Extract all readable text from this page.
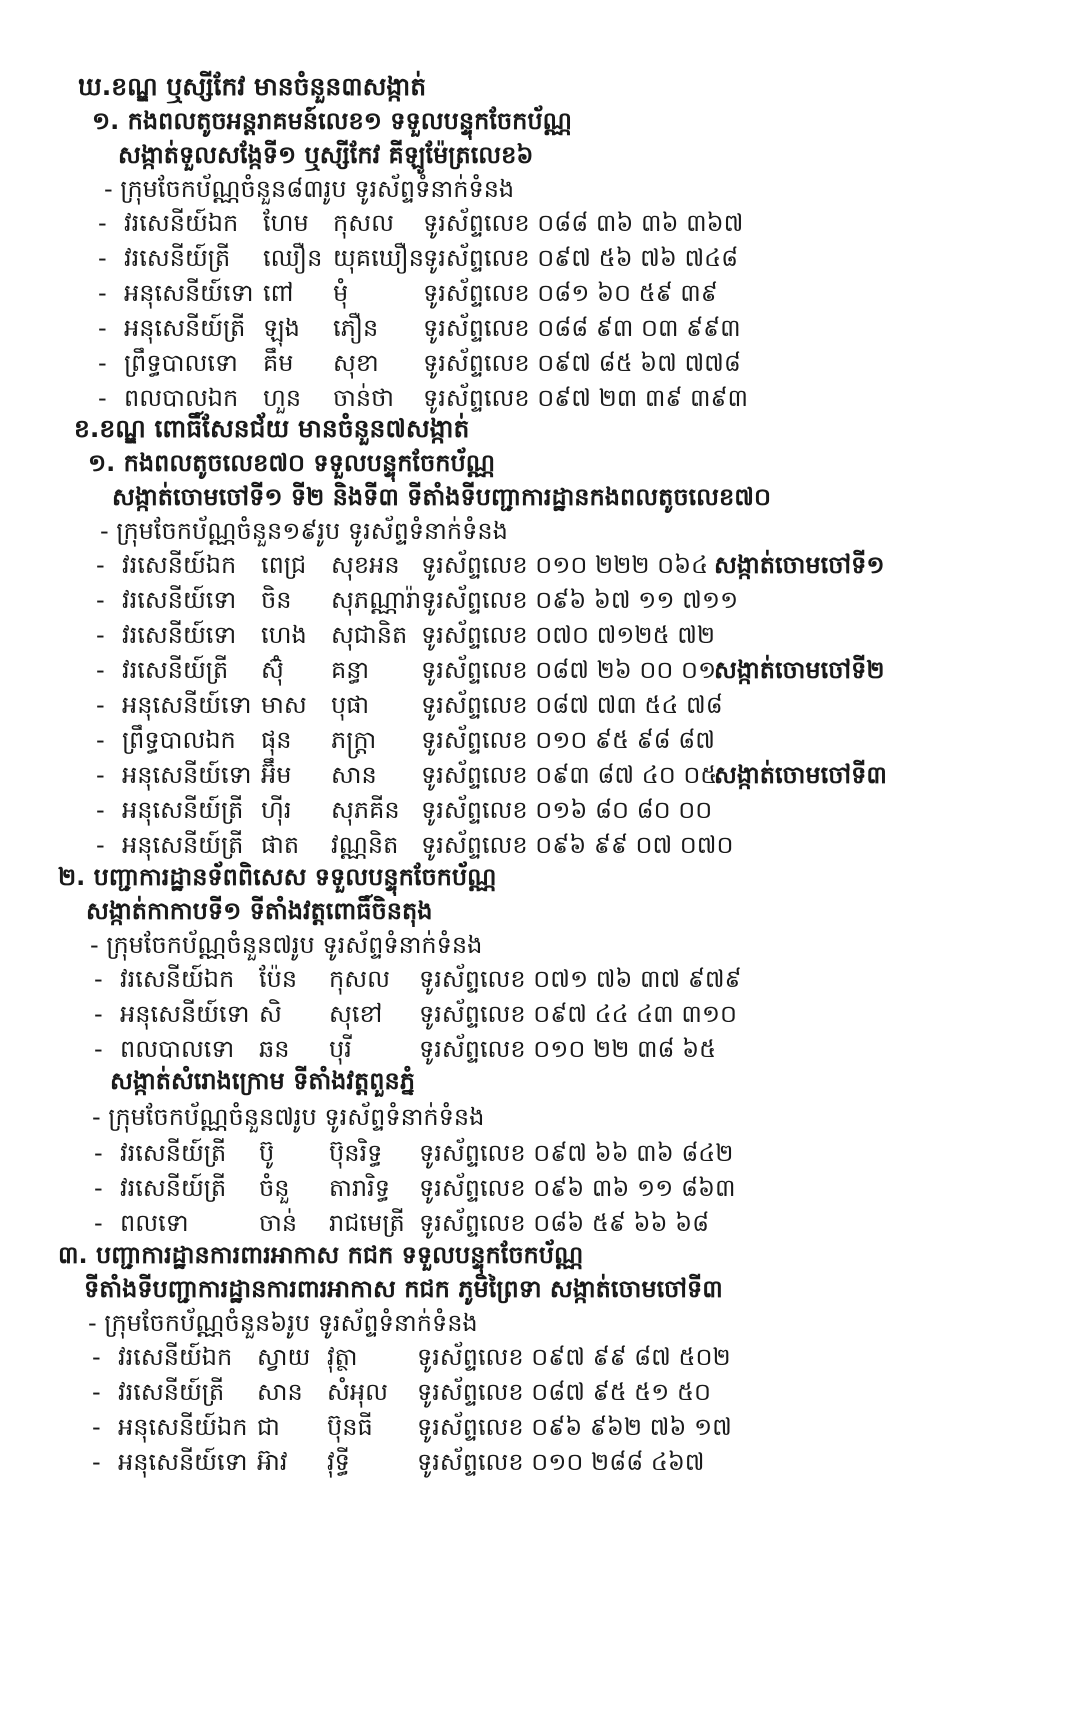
ឃ.ខណ្ឌ ឬស្សីកែវ មានចំនួន៣សង្កាត់
១. កងពលតូចអន្តរាគមន៍លេខ១ ទទួលបន្ទុកចែកប័ណ្ណ
សង្កាត់ទួលសង្កែទី១ ឬស្សីកែវ គីឡូម៉ែត្រលេខ៦
- ក្រុមចែកប័ណ្ណចំនួន៨៣រូប ទូរស័ព្ទទំនាក់ទំនង
- វរសេនីយ៍ឯក ហែម កុសល ទូរស័ព្ទលេខ ០៨៨ ៣៦ ៣៦ ៣៦៧
- វរសេនីយ៍ត្រី ឈឿន យុគឃឿន ទូរស័ព្ទលេខ ០៩៧ ៥៦ ៧៦ ៧៤៨
- អនុសេនីយ៍ទោ ពៅ មុំ	ទូរស័ព្ទលេខ ០៨១ ៦០ ៥៩ ៣៩
- អនុសេនីយ៍ត្រី ឡុង ភឿន ទូរស័ព្ទលេខ ០៨៨ ៩៣ ០៣ ៩៩៣
- ព្រឹទ្ធបាលទោ គឹម សុខា ទូរស័ព្ទលេខ ០៩៧ ៨៥ ៦៧ ៧៧៨
- ពលបាលឯក ហួន ចាន់ថា ទូរស័ព្ទលេខ ០៩៧ ២៣ ៣៩ ៣៩៣
ខ.ខណ្ឌ ពោធិ៍សែនជ័យ មានចំនួន៧សង្កាត់
១. កងពលតូចលេខ៧០ ទទួលបន្ទុកចែកប័ណ្ណ
សង្កាត់ចោមចៅទី១ ទី២ និងទី៣ ទីតាំងទីបញ្ជាការដ្ឋានកងពលតូចលេខ៧០
- ក្រុមចែកប័ណ្ណចំនួន១៩រូប ទូរស័ព្ទទំនាក់ទំនង
- វរសេនីយ៍ឯក ពេជ្រ សុខអន ទូរស័ព្ទលេខ ០១០ ២២២ ០៦៤ សង្កាត់ចោមចៅទី១
- វរសេនីយ៍ទោ ចិន សុភណ្ណារ៉ា ទូរស័ព្ទលេខ ០៩៦ ៦៧ ១១ ៧១១
- វរសេនីយ៍ទោ ហេង សុជានិត ទូរស័ព្ទលេខ ០៧០ ៧១២៥ ៧២
- វរសេនីយ៍ត្រី ស៊ុំ គន្ធា ទូរស័ព្ទលេខ ០៨៧ ២៦ ០០ ០១
សង្កាត់ចោមចៅទី២
- អនុសេនីយ៍ទោ មាស បុផា ទូរស័ព្ទលេខ ០៨៧ ៧៣ ៥៤ ៧៨
- ព្រឹទ្ធបាលឯក ផុន ភក្ត្រា ទូរស័ព្ទលេខ ០១០ ៩៥ ៩៨ ៨៧
- អនុសេនីយ៍ទោ អ៊ឹម សាន ទូរស័ព្ទលេខ ០៩៣ ៨៧ ៤០ ០៥
សង្កាត់ចោមចៅទី៣
- អនុសេនីយ៍ត្រី ហ៊ីរ សុភគីន ទូរស័ព្ទលេខ ០១៦ ៨០ ៨០ ០០
- អនុសេនីយ៍ត្រី ផាត វណ្ណនិត ទូរស័ព្ទលេខ ០៩៦ ៩៩ ០៧ ០៧០
២. បញ្ជាការដ្ឋានទ័ពពិសេស ទទួលបន្ទុកចែកប័ណ្ណ
សង្កាត់កាកាបទី១ ទីតាំងវត្តពោធិ៍ចិនតុង
- ក្រុមចែកប័ណ្ណចំនួន៧រូប ទូរស័ព្ទទំនាក់ទំនង
- វរសេនីយ៍ឯក ប៉ែន កុសល ទូរស័ព្ទលេខ ០៧១ ៧៦ ៣៧ ៩៧៩
- អនុសេនីយ៍ទោ សិ សុខៅ ទូរស័ព្ទលេខ ០៩៧ ៤៤ ៤៣ ៣១០
- ពលបាលទោ ឆន បុរី	ទូរស័ព្ទលេខ ០១០ ២២ ៣៨ ៦៥
សង្កាត់សំរោងក្រោម ទីតាំងវត្តពួនភ្នំ
- ក្រុមចែកប័ណ្ណចំនួន៧រូប ទូរស័ព្ទទំនាក់ទំនង
- វរសេនីយ៍ត្រី ប៊ូ ប៊ុនរិទ្ធ ទូរស័ព្ទលេខ ០៩៧ ៦៦ ៣៦ ៨៤២
- វរសេនីយ៍ត្រី ចំនួ តារារិទ្ធ ទូរស័ព្ទលេខ ០៩៦ ៣៦ ១១ ៨៦៣
- ពលទោ	ចាន់ រាជមេត្រី ទូរស័ព្ទលេខ ០៨៦ ៥៩ ៦៦ ៦៨
៣. បញ្ជាការដ្ឋានការពារអាកាស កជក ទទួលបន្ទុកចែកប័ណ្ណ
ទីតាំងទីបញ្ជាការដ្ឋានការពារអាកាស កជក ភូមិព្រៃទា សង្កាត់ចោមចៅទី៣
- ក្រុមចែកប័ណ្ណចំនួន៦រូប ទូរស័ព្ទទំនាក់ទំនង
- វរសេនីយ៍ឯក ស្វាយ វុត្ថា ទូរស័ព្ទលេខ ០៩៧ ៩៩ ៨៧ ៥០២
- វរសេនីយ៍ត្រី សាន សំអុល ទូរស័ព្ទលេខ ០៨៧ ៩៥ ៥១ ៥០
- អនុសេនីយ៍ឯក ជា ប៊ុនធី ទូរស័ព្ទលេខ ០៩៦ ៩៦២ ៧៦ ១៧
- អនុសេនីយ៍ទោ អ៊ាវ វុទ្ធី	ទូរស័ព្ទលេខ ០១០ ២៨៨ ៤៦៧
